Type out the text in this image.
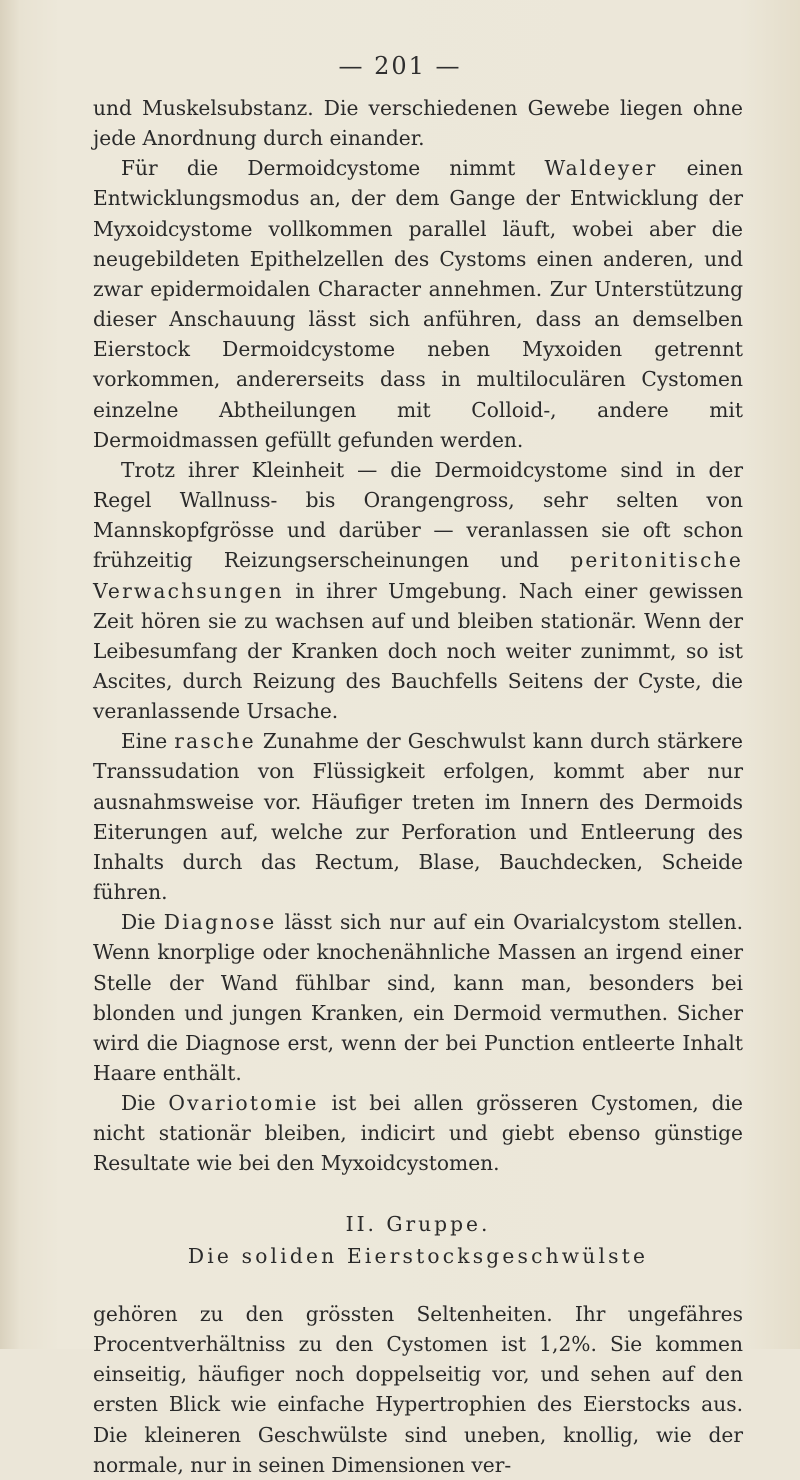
— 201 —

und Muskelsubstanz. Die verschiedenen Gewebe liegen ohne jede Anordnung durch einander.

Für die Dermoidcystome nimmt Waldeyer einen Entwicklungsmodus an, der dem Gange der Entwicklung der Myxoidcystome vollkommen parallel läuft, wobei aber die neugebildeten Epithelzellen des Cystoms einen anderen, und zwar epidermoidalen Character annehmen. Zur Unterstützung dieser Anschauung lässt sich anführen, dass an demselben Eierstock Dermoidcystome neben Myxoiden getrennt vorkommen, andererseits dass in multiloculären Cystomen einzelne Abtheilungen mit Colloid-, andere mit Dermoidmassen gefüllt gefunden werden.

Trotz ihrer Kleinheit — die Dermoidcystome sind in der Regel Wallnuss- bis Orangengross, sehr selten von Mannskopfgrösse und darüber — veranlassen sie oft schon frühzeitig Reizungserscheinungen und peritonitische Verwachsungen in ihrer Umgebung. Nach einer gewissen Zeit hören sie zu wachsen auf und bleiben stationär. Wenn der Leibesumfang der Kranken doch noch weiter zunimmt, so ist Ascites, durch Reizung des Bauchfells Seitens der Cyste, die veranlassende Ursache.

Eine rasche Zunahme der Geschwulst kann durch stärkere Transsudation von Flüssigkeit erfolgen, kommt aber nur ausnahmsweise vor. Häufiger treten im Innern des Dermoids Eiterungen auf, welche zur Perforation und Entleerung des Inhalts durch das Rectum, Blase, Bauchdecken, Scheide führen.

Die Diagnose lässt sich nur auf ein Ovarialcystom stellen. Wenn knorplige oder knochenähnliche Massen an irgend einer Stelle der Wand fühlbar sind, kann man, besonders bei blonden und jungen Kranken, ein Dermoid vermuthen. Sicher wird die Diagnose erst, wenn der bei Punction entleerte Inhalt Haare enthält.

Die Ovariotomie ist bei allen grösseren Cystomen, die nicht stationär bleiben, indicirt und giebt ebenso günstige Resultate wie bei den Myxoidcystomen.

II. Gruppe.

Die soliden Eierstocksgeschwülste

gehören zu den grössten Seltenheiten. Ihr ungefähres Procentverhältniss zu den Cystomen ist 1,2%. Sie kommen einseitig, häufiger noch doppelseitig vor, und sehen auf den ersten Blick wie einfache Hypertrophien des Eierstocks aus. Die kleineren Geschwülste sind uneben, knollig, wie der normale, nur in seinen Dimensionen ver-
